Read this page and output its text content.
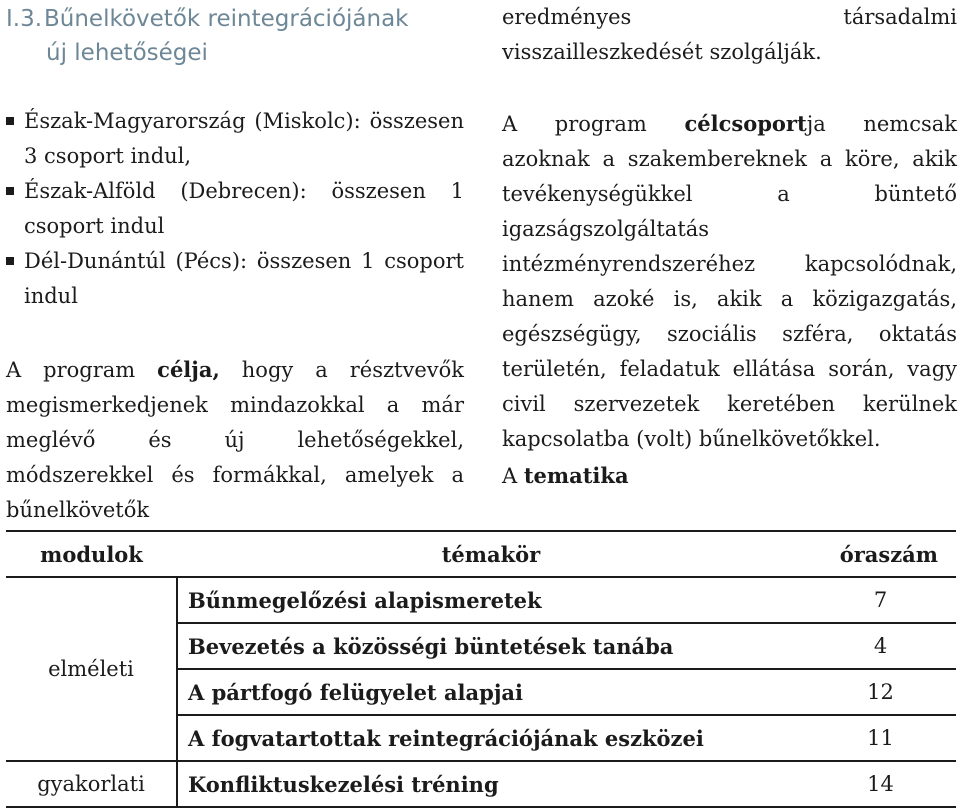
I.3.Bűnelkövetők reintegrációjának
új lehetőségei
Észak-Magyarország (Miskolc): összesen 3 csoport indul,
Észak-Alföld (Debrecen): összesen 1 csoport indul
Dél-Dunántúl (Pécs): összesen 1 csoport indul

A program célja, hogy a résztvevők megismerkedjenek mindazokkal a már meglévő és új lehetőségekkel, módszerekkel és formákkal, amelyek a bűnelkövetők

eredményes társadalmi visszailleszkedését szolgálják.

A program célcsoportja nemcsak azoknak a szakembereknek a köre, akik tevékenységükkel a büntető igazságszolgáltatás intézményrendszeréhez kapcsolódnak, hanem azoké is, akik a közigazgatás, egészségügy, szociális szféra, oktatás területén, feladatuk ellátása során, vagy civil szervezetek keretében kerülnek kapcsolatba (volt) bűnelkövetőkkel.

A tematika

modulok	témakör	óraszám
elméleti	Bűnmegelőzési alapismeretek	7
	Bevezetés a közösségi büntetések tanába	4
	A pártfogó felügyelet alapjai	12
	A fogvatartottak reintegrációjának eszközei	11
gyakorlati	Konfliktuskezelési tréning	14
